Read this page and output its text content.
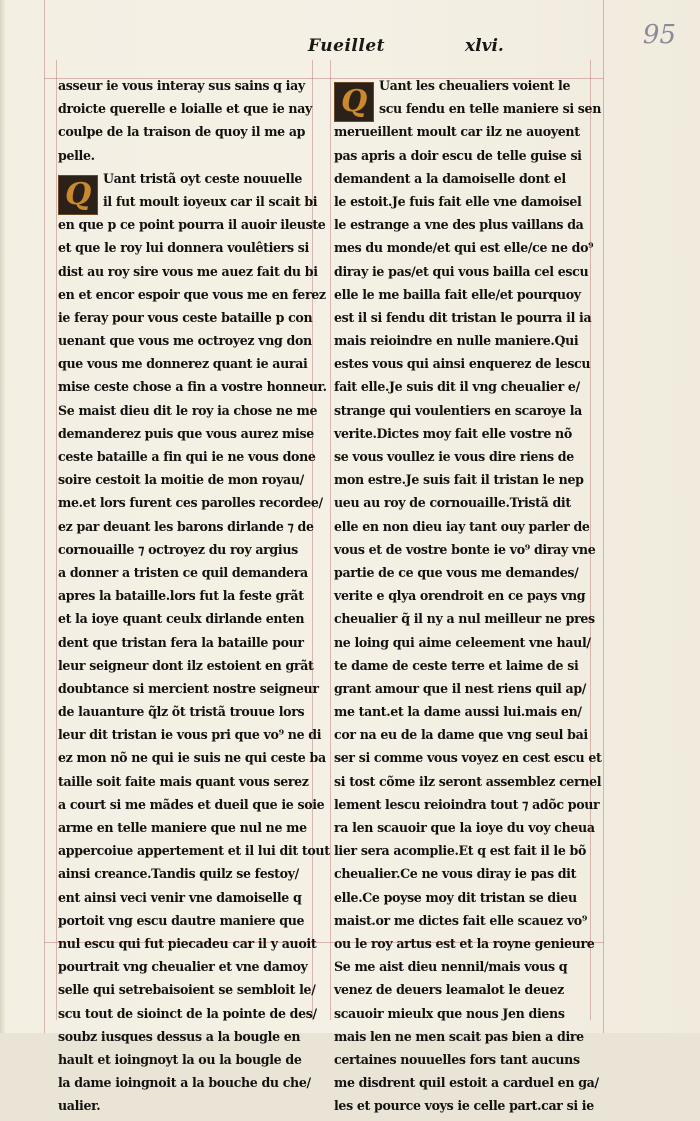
Fueillet	xlvi.	95
asseur ie vous interay sus sains q iay
droicte querelle e loialle et que ie nay
coulpe de la traison de quoy il me ap
pelle.
Q Uant tristã oyt ceste nouuelle
il fut moult ioyeux car il scait bi
en que p ce point pourra il auoir ileuste
et que le roy lui donnera voulêtiers si
dist au roy sire vous me auez fait du bi
en et encor espoir que vous me en ferez
ie feray pour vous ceste bataille p con
uenant que vous me octroyez vng don
que vous me donnerez quant ie aurai
mise ceste chose a fin a vostre honneur.
Se maist dieu dit le roy ia chose ne me
demanderez puis que vous aurez mise
ceste bataille a fin qui ie ne vous done
soire cestoit la moitie de mon royau/
me.et lors furent ces parolles recordee/
ez par deuant les barons dirlande ⁊ de
cornouaille ⁊ octroyez du roy argius
a donner a tristen ce quil demandera
apres la bataille.lors fut la feste grãt
et la ioye quant ceulx dirlande enten
dent que tristan fera la bataille pour
leur seigneur dont ilz estoient en grãt
doubtance si mercient nostre seigneur
de lauanture q̃lz õt tristã trouue lors
leur dit tristan ie vous pri que vo⁹ ne di
ez mon nõ ne qui ie suis ne qui ceste ba
taille soit faite mais quant vous serez
a court si me mãdes et dueil que ie soie
arme en telle maniere que nul ne me
appercoiue appertement et il lui dit tout
ainsi creance.Tandis quilz se festoy/
ent ainsi veci venir vne damoiselle q
portoit vng escu dautre maniere que
nul escu qui fut piecadeu car il y auoit
pourtrait vng cheualier et vne damoy
selle qui setrebaisoient se sembloit le/
scu tout de sioinct de la pointe de des/
soubz iusques dessus a la bougle en
hault et ioingnoyt la ou la bougle de
la dame ioingnoit a la bouche du che/
ualier.
Q Uant les cheualiers voient le
scu fendu en telle maniere si sen
merueillent moult car ilz ne auoyent
pas apris a doir escu de telle guise si
demandent a la damoiselle dont el
le estoit.Je fuis fait elle vne damoisel
le estrange a vne des plus vaillans da
mes du monde/et qui est elle/ce ne do⁹
diray ie pas/et qui vous bailla cel escu
elle le me bailla fait elle/et pourquoy
est il si fendu dit tristan le pourra il ia
mais reioindre en nulle maniere.Qui
estes vous qui ainsi enquerez de lescu
fait elle.Je suis dit il vng cheualier e/
strange qui voulentiers en scaroye la
verite.Dictes moy fait elle vostre nõ
se vous voullez ie vous dire riens de
mon estre.Je suis fait il tristan le nep
ueu au roy de cornouaille.Tristã dit
elle en non dieu iay tant ouy parler de
vous et de vostre bonte ie vo⁹ diray vne
partie de ce que vous me demandes/
verite e qlya orendroit en ce pays vng
cheualier q̃ il ny a nul meilleur ne pres
ne loing qui aime celeement vne haul/
te dame de ceste terre et laime de si
grant amour que il nest riens quil ap/
me tant.et la dame aussi lui.mais en/
cor na eu de la dame que vng seul bai
ser si comme vous voyez en cest escu et
si tost cõme ilz seront assemblez cernel
lement lescu reioindra tout ⁊ adõc pour
ra len scauoir que la ioye du voy cheua
lier sera acomplie.Et q est fait il le bõ
cheualier.Ce ne vous diray ie pas dit
elle.Ce poyse moy dit tristan se dieu
maist.or me dictes fait elle scauez vo⁹
ou le roy artus est et la royne genieure
Se me aist dieu nennil/mais vous q
venez de deuers leamalot le deuez
scauoir mieulx que nous Jen diens
mais len ne men scait pas bien a dire
certaines nouuelles fors tant aucuns
me disdrent quil estoit a carduel en ga/
les et pource voys ie celle part.car si ie
